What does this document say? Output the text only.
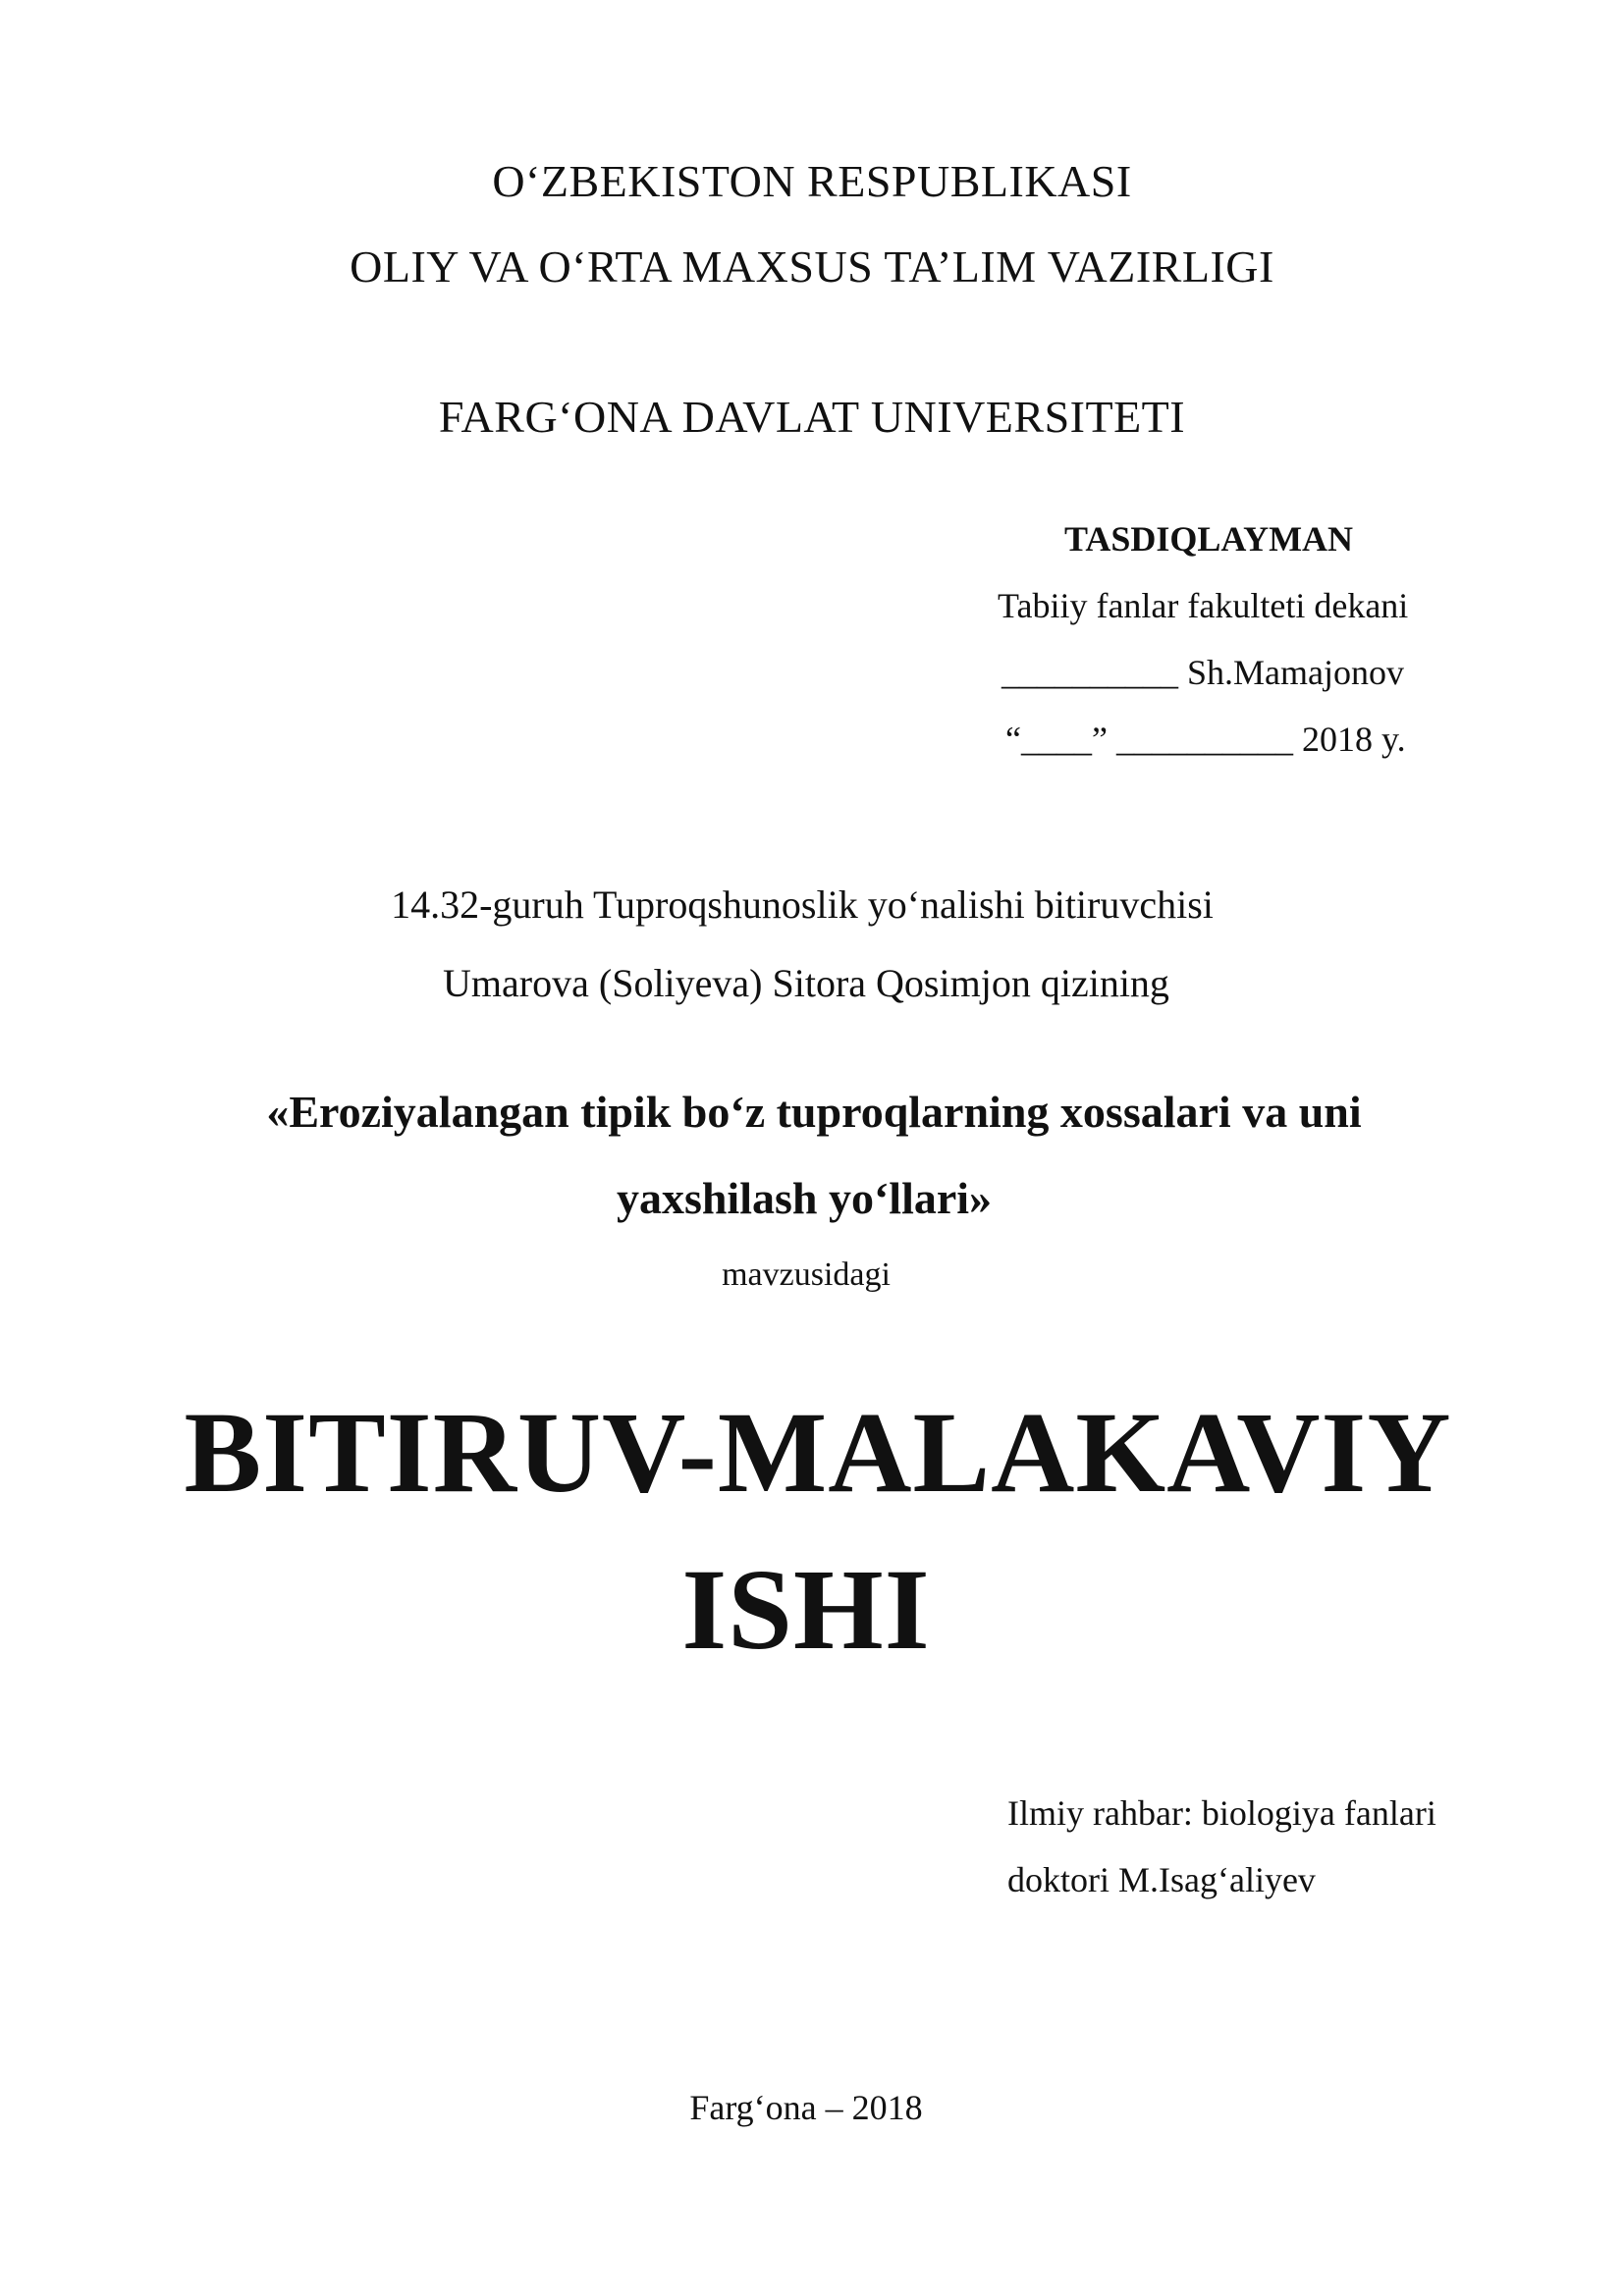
O‘ZBEKISTON RESPUBLIKASI
OLIY VA O‘RTA MAXSUS TA’LIM VAZIRLIGI
FARG‘ONA DAVLAT UNIVERSITETI
TASDIQLAYMAN
Tabiiy fanlar fakulteti dekani
__________ Sh.Mamajonov
“____” __________ 2018 y.
14.32-guruh Tuproqshunoslik yo‘nalishi bitiruvchisi
Umarova (Soliyeva) Sitora Qosimjon qizining
«Eroziyalangan tipik bo‘z tuproqlarning xossalari va uni
yaxshilash yo‘llari»
mavzusidagi
BITIRUV-MALAKAVIY
ISHI
Ilmiy rahbar: biologiya fanlari
doktori M.Isag‘aliyev
Farg‘ona – 2018
